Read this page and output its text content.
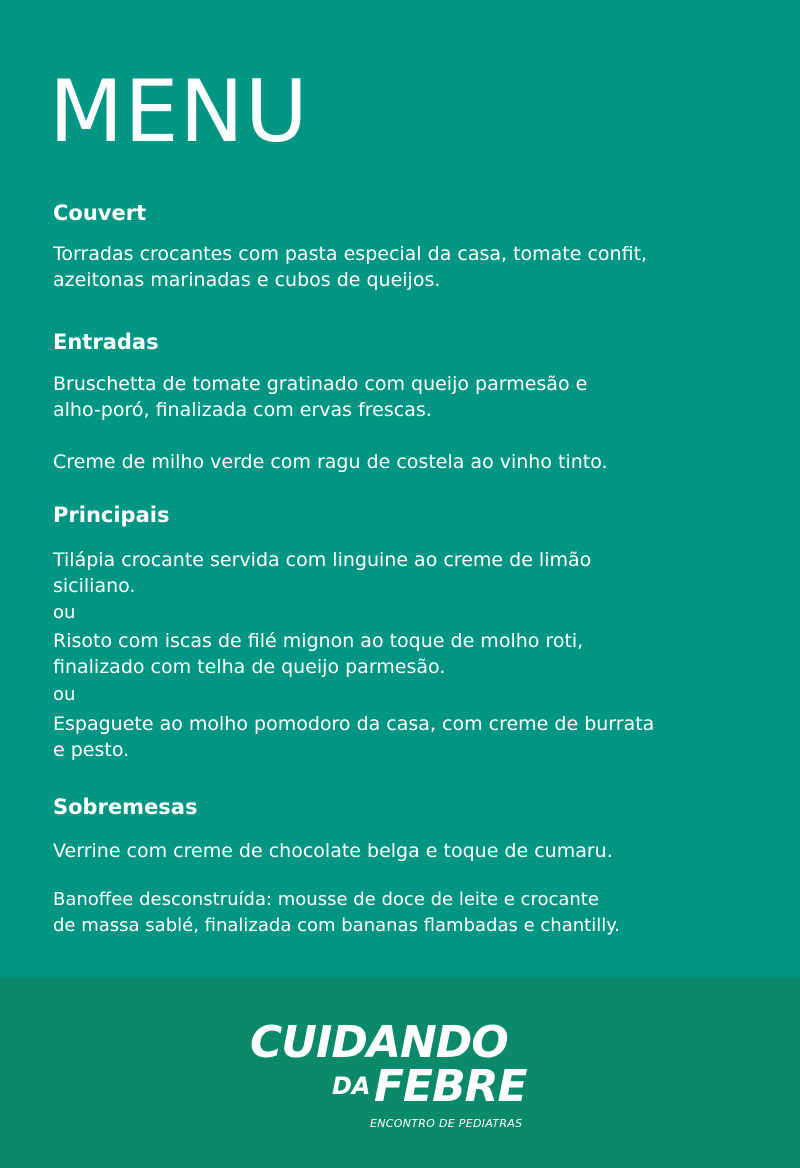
MENU
Couvert

Torradas crocantes com pasta especial da casa, tomate confit,
azeitonas marinadas e cubos de queijos.

Entradas

Bruschetta de tomate gratinado com queijo parmesão e
alho-poró, finalizada com ervas frescas.

Creme de milho verde com ragu de costela ao vinho tinto.

Principais

Tilápia crocante servida com linguine ao creme de limão
siciliano.

ou

Risoto com iscas de filé mignon ao toque de molho roti,
finalizado com telha de queijo parmesão.

ou

Espaguete ao molho pomodoro da casa, com creme de burrata
e pesto.

Sobremesas

Verrine com creme de chocolate belga e toque de cumaru.

Banoffee desconstruída: mousse de doce de leite e crocante
de massa sablé, finalizada com bananas flambadas e chantilly.

CUIDANDO

DA FEBRE

ENCONTRO DE PEDIATRAS
